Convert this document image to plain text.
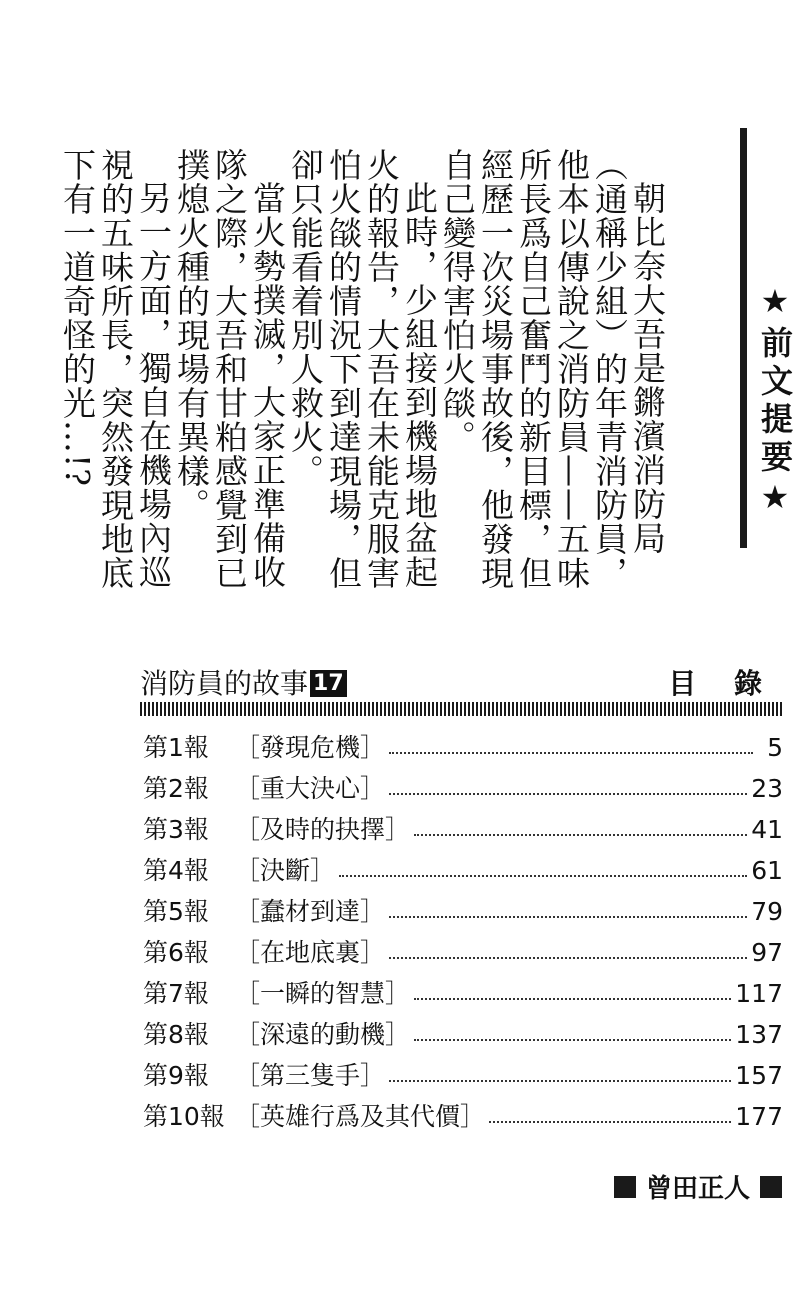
朝比奈大吾是鏘濱消防局（通稱少組）的年青消防員，他本以傳說之消防員——五味所長爲自己奮鬥的新目標，但經歷一次災場事故後，他發現自己變得害怕火燄。

此時，少組接到機場地盆起火的報告，大吾在未能克服害怕火燄的情況下到達現場，但卻只能看着別人救火。

當火勢撲滅，大家正準備收隊之際，大吾和甘粕感覺到已撲熄火種的現場有異樣。

另一方面，獨自在機場內巡視的五味所長，突然發現地底下有一道奇怪的光…!?	★前文提要★
消防員的故事 17	目 錄
第1報	［發現危機］	5
第2報	［重大決心］	23
第3報	［及時的抉擇］	41
第4報	［決斷］	61
第5報	［蠢材到達］	79
第6報	［在地底裏］	97
第7報	［一瞬的智慧］	117
第8報	［深遠的動機］	137
第9報	［第三隻手］	157
第10報 ［英雄行爲及其代價］	177
曾田正人
